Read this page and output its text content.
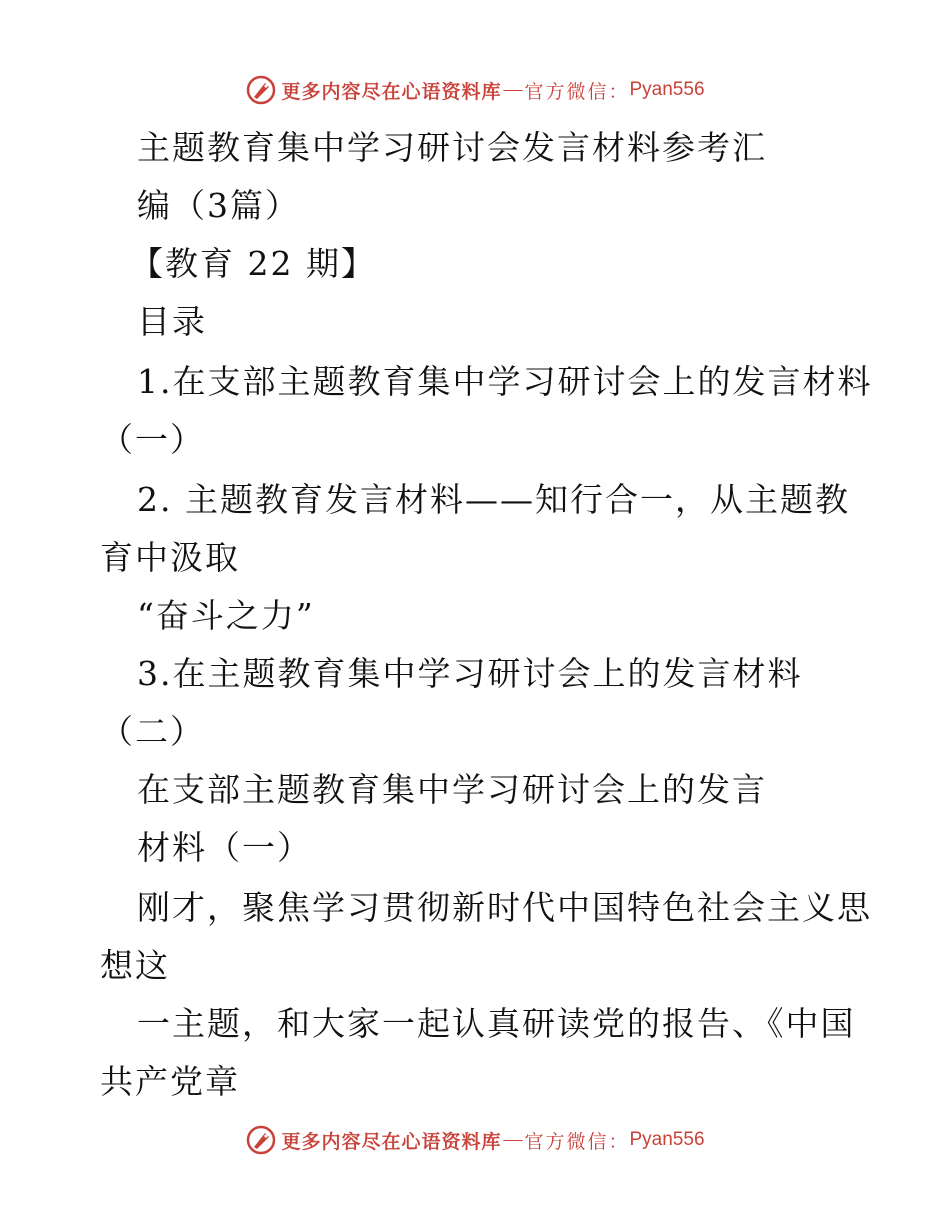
更多内容尽在心语资料库 — 官方微信： Pyan556
主题教育集中学习研讨会发言材料参考汇
编（3篇）
【教育 22 期】
目录
1.在支部主题教育集中学习研讨会上的发言材料
（一）
2. 主题教育发言材料——知行合一，从主题教
育中汲取
“奋斗之力”
3.在主题教育集中学习研讨会上的发言材料
（二）
在支部主题教育集中学习研讨会上的发言
材料（一）
刚才，聚焦学习贯彻新时代中国特色社会主义思
想这
一主题，和大家一起认真研读党的报告、《中国
共产党章
更多内容尽在心语资料库 — 官方微信： Pyan556
